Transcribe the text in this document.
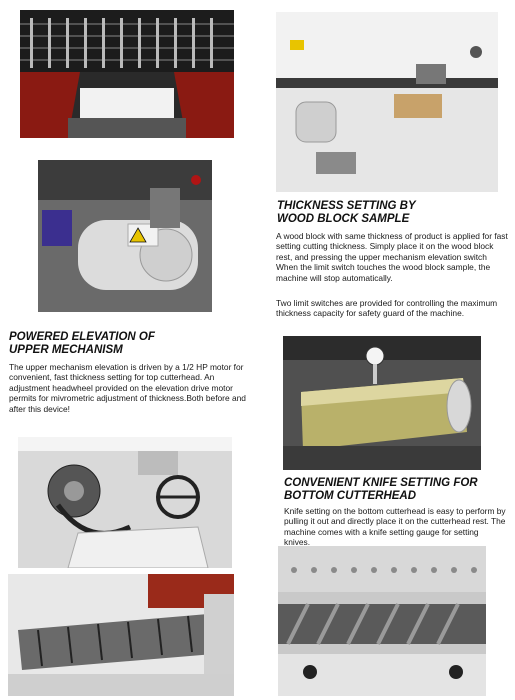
THICKNESS SETTING BY
WOOD BLOCK SAMPLE

A wood block with same thickness of product is applied for fast setting cutting thickness. Simply place it on the wood block rest, and pressing the upper mechanism elevation switch When the limit switch touches the wood block sample, the machine will stop automatically.

Two limit switches are provided for controlling the maximum thickness capacity for safety guard of the machine.

POWERED ELEVATION OF
UPPER MECHANISM

The upper mechanism elevation is driven by a 1/2 HP motor for convenient, fast thickness setting for top cutterhead. An adjustment headwheel provided on the elevation drive motor permits for mivrometric adjustment of thickness.Both before and after this device!

CONVENIENT KNIFE SETTING FOR
BOTTOM CUTTERHEAD

Knife setting on the bottom cutterhead is easy to perform by pulling it out and directly place it on the cutterhead rest. The machine comes with a knife setting gauge for setting knives.
